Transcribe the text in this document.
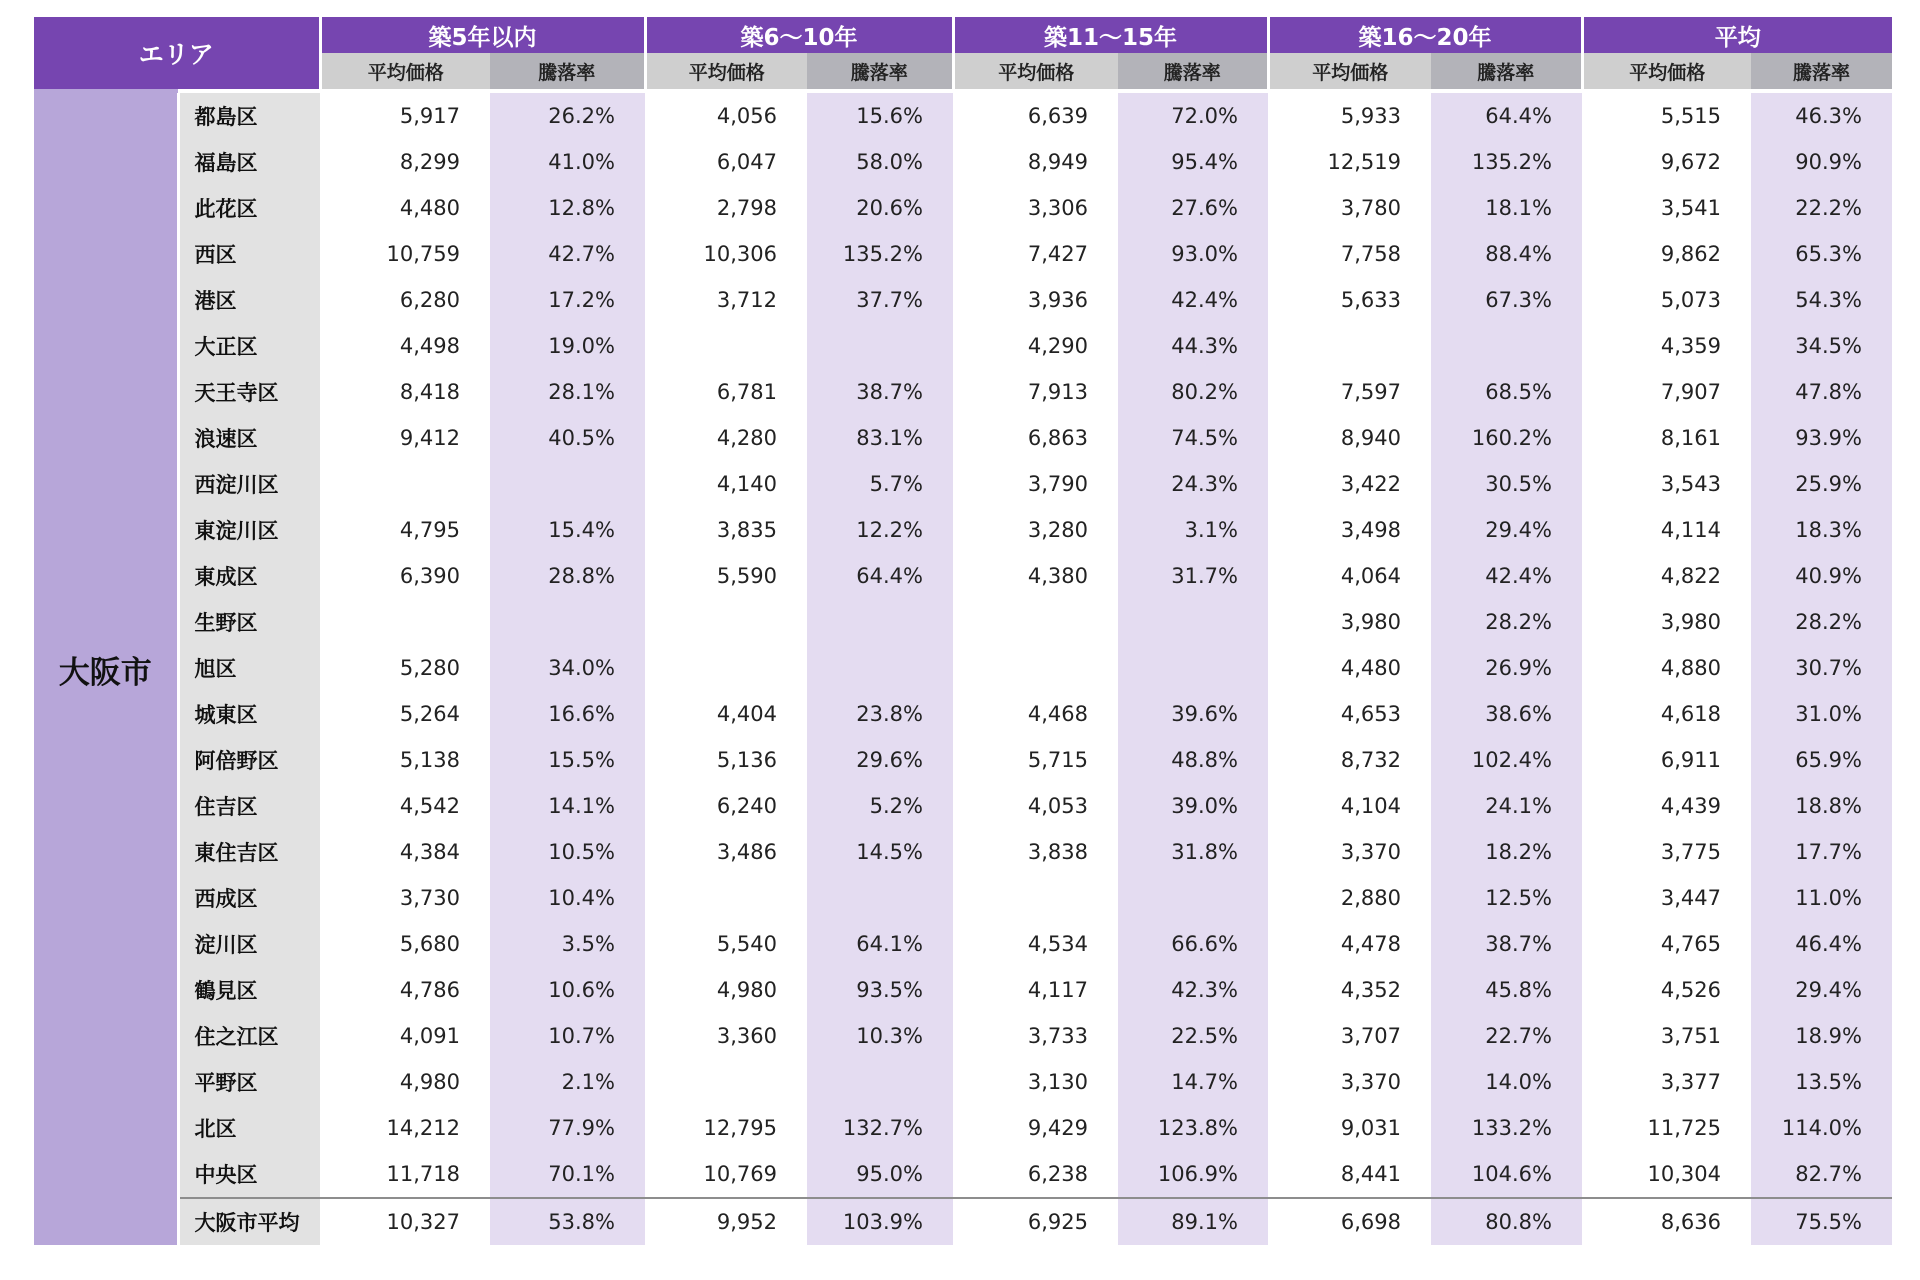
エリア		築5年以内		築6～10年		築11～15年		築16～20年		平均	
		平均価格	騰落率	平均価格	騰落率	平均価格	騰落率	平均価格	騰落率	平均価格	騰落率

大阪市	都島区	5,917	26.2%	4,056	15.6%	6,639	72.0%	5,933	64.4%	5,515	46.3%
	福島区	8,299	41.0%	6,047	58.0%	8,949	95.4%	12,519	135.2%	9,672	90.9%
	此花区	4,480	12.8%	2,798	20.6%	3,306	27.6%	3,780	18.1%	3,541	22.2%
	西区	10,759	42.7%	10,306	135.2%	7,427	93.0%	7,758	88.4%	9,862	65.3%
	港区	6,280	17.2%	3,712	37.7%	3,936	42.4%	5,633	67.3%	5,073	54.3%
	大正区	4,498	19.0%			4,290	44.3%			4,359	34.5%
	天王寺区	8,418	28.1%	6,781	38.7%	7,913	80.2%	7,597	68.5%	7,907	47.8%
	浪速区	9,412	40.5%	4,280	83.1%	6,863	74.5%	8,940	160.2%	8,161	93.9%
	西淀川区			4,140	5.7%	3,790	24.3%	3,422	30.5%	3,543	25.9%
	東淀川区	4,795	15.4%	3,835	12.2%	3,280	3.1%	3,498	29.4%	4,114	18.3%
	東成区	6,390	28.8%	5,590	64.4%	4,380	31.7%	4,064	42.4%	4,822	40.9%
	生野区							3,980	28.2%	3,980	28.2%
	旭区	5,280	34.0%					4,480	26.9%	4,880	30.7%
	城東区	5,264	16.6%	4,404	23.8%	4,468	39.6%	4,653	38.6%	4,618	31.0%
	阿倍野区	5,138	15.5%	5,136	29.6%	5,715	48.8%	8,732	102.4%	6,911	65.9%
	住吉区	4,542	14.1%	6,240	5.2%	4,053	39.0%	4,104	24.1%	4,439	18.8%
	東住吉区	4,384	10.5%	3,486	14.5%	3,838	31.8%	3,370	18.2%	3,775	17.7%
	西成区	3,730	10.4%					2,880	12.5%	3,447	11.0%
	淀川区	5,680	3.5%	5,540	64.1%	4,534	66.6%	4,478	38.7%	4,765	46.4%
	鶴見区	4,786	10.6%	4,980	93.5%	4,117	42.3%	4,352	45.8%	4,526	29.4%
	住之江区	4,091	10.7%	3,360	10.3%	3,733	22.5%	3,707	22.7%	3,751	18.9%
	平野区	4,980	2.1%			3,130	14.7%	3,370	14.0%	3,377	13.5%
	北区	14,212	77.9%	12,795	132.7%	9,429	123.8%	9,031	133.2%	11,725	114.0%
	中央区	11,718	70.1%	10,769	95.0%	6,238	106.9%	8,441	104.6%	10,304	82.7%
	大阪市平均	10,327	53.8%	9,952	103.9%	6,925	89.1%	6,698	80.8%	8,636	75.5%
